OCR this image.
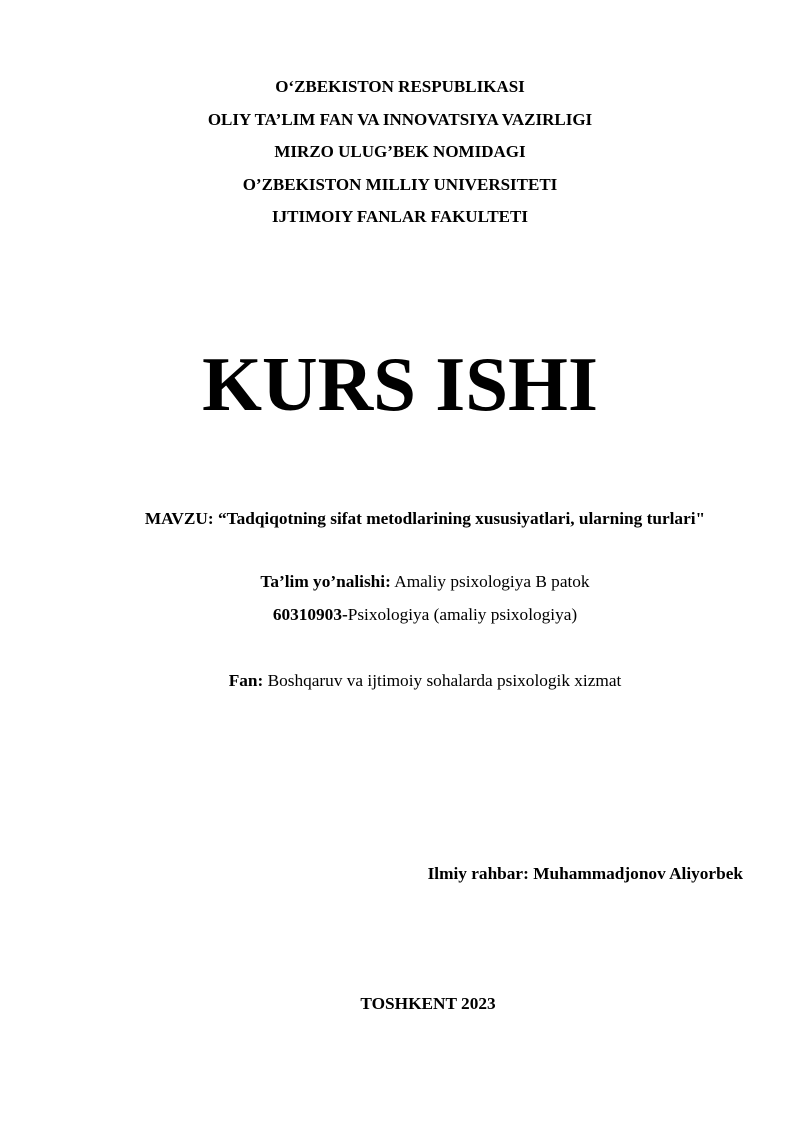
O‘ZBEKISTON RESPUBLIKASI
OLIY TA’LIM FAN VA INNOVATSIYA VAZIRLIGI
MIRZO ULUG’BEK NOMIDAGI
O’ZBEKISTON MILLIY UNIVERSITETI
IJTIMOIY FANLAR FAKULTETI
KURS ISHI
MAVZU: “Tadqiqotning sifat metodlarining xususiyatlari, ularning turlari"
Ta’lim yo’nalishi: Amaliy psixologiya B patok
60310903-Psixologiya (amaliy psixologiya)
Fan: Boshqaruv va ijtimoiy sohalarda psixologik xizmat
Ilmiy rahbar: Muhammadjonov Aliyorbek
TOSHKENT 2023
